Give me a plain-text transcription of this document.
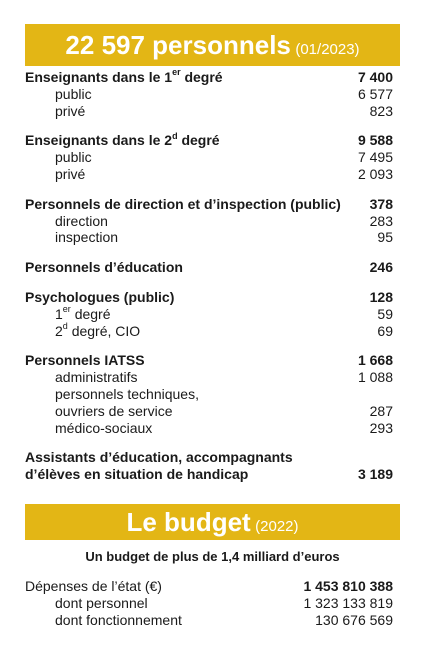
22 597 personnels (01/2023)
Enseignants dans le 1er degré	7 400
public	6 577
privé	823
Enseignants dans le 2$^d$ degré	9 588
public	7 495
privé	2 093
Personnels de direction et d’inspection (public) 378
direction	283
inspection	95
Personnels d’éducation	246
Psychologues (public)	128
1er degré	59
2$^d$ degré, CIO	69
Personnels IATSS	1 668
administratifs	1 088
personnels techniques,
ouvriers de service	287
médico-sociaux	293
Assistants d’éducation, accompagnants
d’élèves en situation de handicap	3 189
Le budget (2022)
Un budget de plus de 1,4 milliard d’euros
Dépenses de l’état (€)	1 453 810 388
dont personnel	1 323 133 819
dont fonctionnement	130 676 569
